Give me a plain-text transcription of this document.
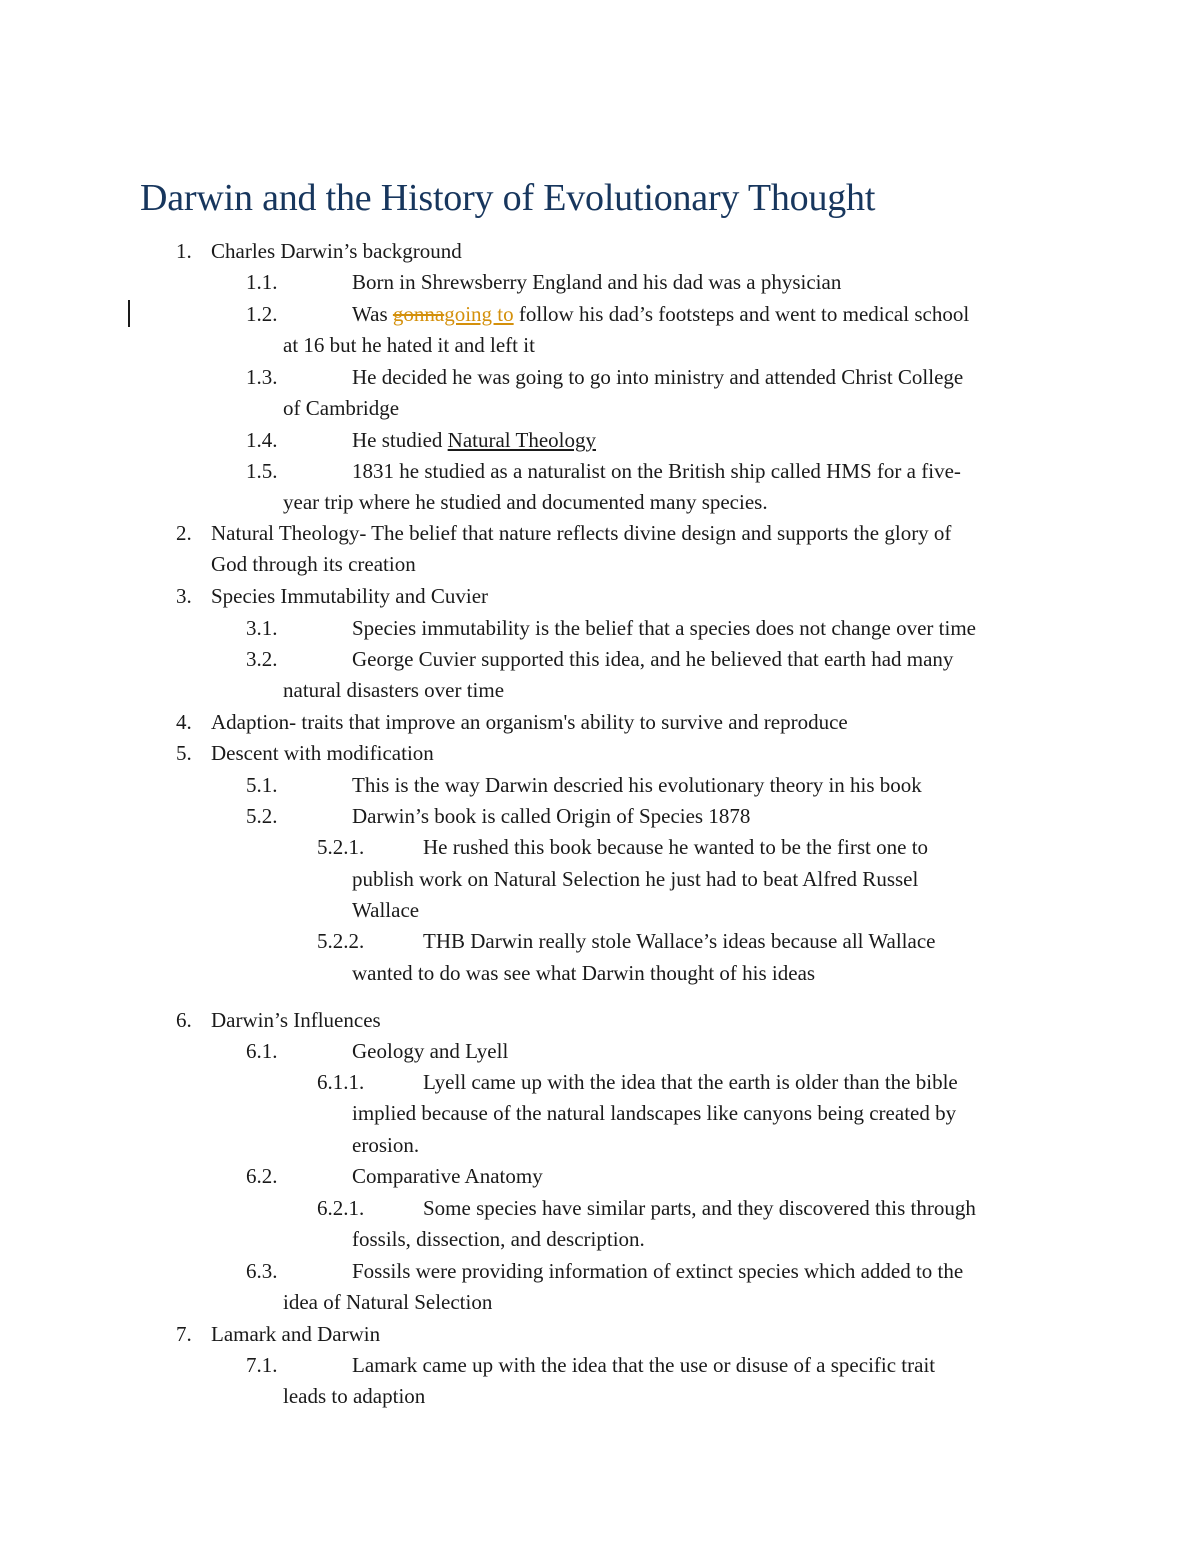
Darwin and the History of Evolutionary Thought
1. Charles Darwin’s background
1.1.	Born in Shrewsberry England and his dad was a physician
1.2.	Was gonnagoing to follow his dad’s footsteps and went to medical school
at 16 but he hated it and left it
1.3.	He decided he was going to go into ministry and attended Christ College
of Cambridge
1.4.	He studied Natural Theology
1.5.	1831 he studied as a naturalist on the British ship called HMS for a five-
year trip where he studied and documented many species.
2. Natural Theology- The belief that nature reflects divine design and supports the glory of
God through its creation
3. Species Immutability and Cuvier
3.1.	Species immutability is the belief that a species does not change over time
3.2.	George Cuvier supported this idea, and he believed that earth had many
natural disasters over time
4. Adaption- traits that improve an organism's ability to survive and reproduce
5. Descent with modification
5.1.	This is the way Darwin descried his evolutionary theory in his book
5.2.	Darwin’s book is called Origin of Species 1878
5.2.1.	He rushed this book because he wanted to be the first one to
publish work on Natural Selection he just had to beat Alfred Russel
Wallace
5.2.2.	THB Darwin really stole Wallace’s ideas because all Wallace
wanted to do was see what Darwin thought of his ideas
6. Darwin’s Influences
6.1.	Geology and Lyell
6.1.1.	Lyell came up with the idea that the earth is older than the bible
implied because of the natural landscapes like canyons being created by
erosion.
6.2.	Comparative Anatomy
6.2.1.	Some species have similar parts, and they discovered this through
fossils, dissection, and description.
6.3.	Fossils were providing information of extinct species which added to the
idea of Natural Selection
7. Lamark and Darwin
7.1.	Lamark came up with the idea that the use or disuse of a specific trait
leads to adaption
